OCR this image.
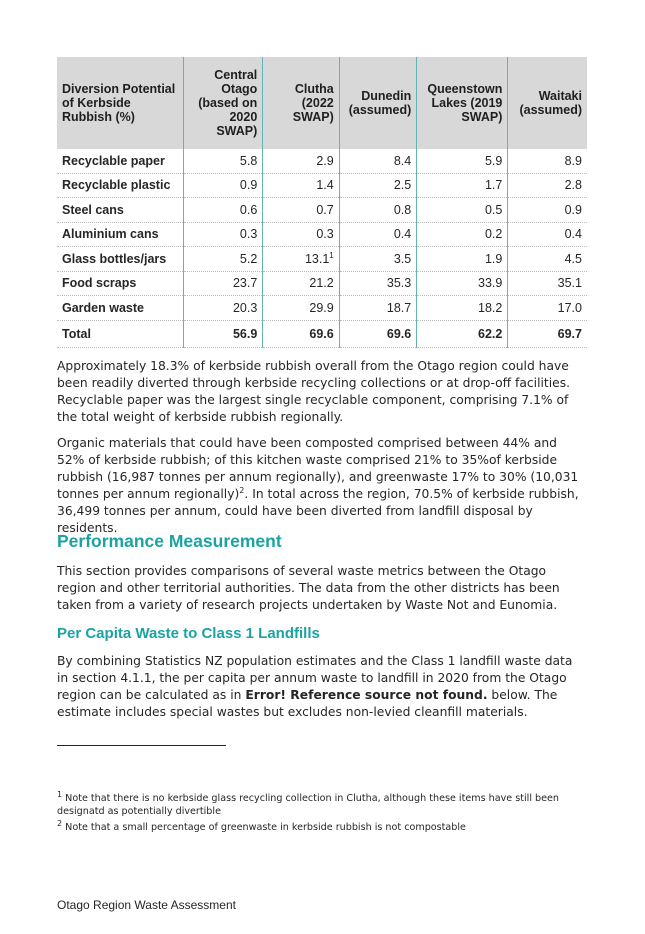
Diversion Potential of Kerbside Rubbish (%)	Central Otago (based on 2020 SWAP)	Clutha (2022 SWAP)	Dunedin (assumed)	Queenstown Lakes (2019 SWAP)	Waitaki (assumed)
Recyclable paper	5.8	2.9	8.4	5.9	8.9
Recyclable plastic	0.9	1.4	2.5	1.7	2.8
Steel cans	0.6	0.7	0.8	0.5	0.9
Aluminium cans	0.3	0.3	0.4	0.2	0.4
Glass bottles/jars	5.2	13.1$^1$	3.5	1.9	4.5
Food scraps	23.7	21.2	35.3	33.9	35.1
Garden waste	20.3	29.9	18.7	18.2	17.0
Total	56.9	69.6	69.6	62.2	69.7

Approximately 18.3% of kerbside rubbish overall from the Otago region could have been readily diverted through kerbside recycling collections or at drop-off facilities. Recyclable paper was the largest single recyclable component, comprising 7.1% of the total weight of kerbside rubbish regionally.

Organic materials that could have been composted comprised between 44% and 52% of kerbside rubbish; of this kitchen waste comprised 21% to 35%of kerbside rubbish (16,987 tonnes per annum regionally), and greenwaste 17% to 30% (10,031 tonnes per annum regionally)$^2$. In total across the region, 70.5% of kerbside rubbish, 36,499 tonnes per annum, could have been diverted from landfill disposal by residents.

Performance Measurement

This section provides comparisons of several waste metrics between the Otago region and other territorial authorities. The data from the other districts has been taken from a variety of research projects undertaken by Waste Not and Eunomia.

Per Capita Waste to Class 1 Landfills

By combining Statistics NZ population estimates and the Class 1 landfill waste data in section 4.1.1, the per capita per annum waste to landfill in 2020 from the Otago region can be calculated as in Error! Reference source not found. below. The estimate includes special wastes but excludes non-levied cleanfill materials.

$^1$ Note that there is no kerbside glass recycling collection in Clutha, although these items have still been designatd as potentially divertible

$^2$ Note that a small percentage of greenwaste in kerbside rubbish is not compostable

Otago Region Waste Assessment
